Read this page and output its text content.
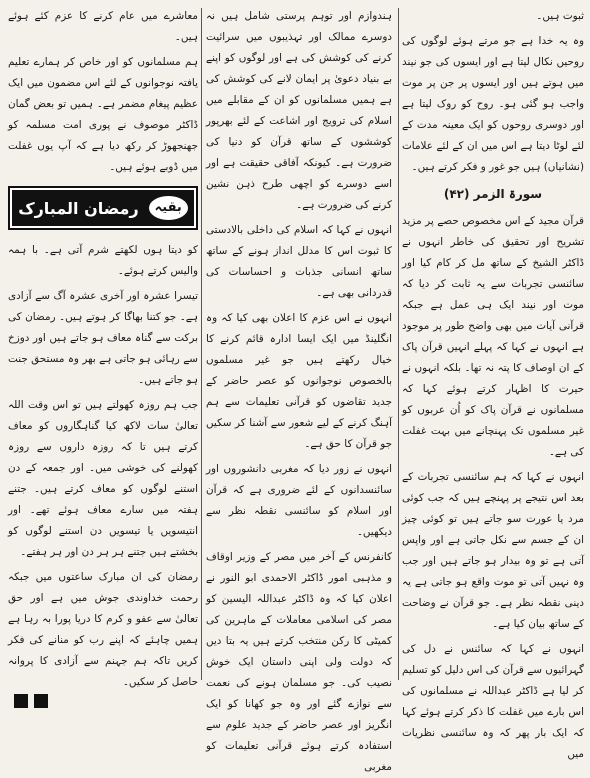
ثبوت ہیں۔

وہ یہ خدا ہے جو مرتے ہوئے لوگوں کی روحیں نکال لیتا ہے اور ایسوں کی جو نیند میں ہوتے ہیں اور ایسوں پر جن پر موت واجب ہو گئی ہو۔ روح کو روک لیتا ہے اور دوسری روحوں کو ایک معینہ مدت کے لئے لوٹا دیتا ہے اس میں ان کے لئے علامات (نشانیاں) ہیں جو غور و فکر کرتے ہیں۔

سورۃ الزمر (۴۲)

قرآن مجید کے اس مخصوص حصے پر مزید تشریح اور تحقیق کی خاطر انہوں نے ڈاکٹر الشیخ کے ساتھ مل کر کام کیا اور سائنسی تجربات سے یہ ثابت کر دیا کہ موت اور نیند ایک ہی عمل ہے جبکہ قرآنی آیات میں بھی واضح طور پر موجود ہے انہوں نے کہا کہ پہلے انہیں قرآن پاک کے ان اوصاف کا پتہ نہ تھا۔ بلکہ انہوں نے حیرت کا اظہار کرتے ہوئے کہا کہ مسلمانوں نے قرآن پاک کو اُن عربوں کو غیر مسلموں تک پہنچانے میں بہت غفلت کی ہے۔

انہوں نے کہا کہ ہم سائنسی تجربات کے بعد اس نتیجے پر پہنچے ہیں کہ جب کوئی مرد یا عورت سو جاتے ہیں تو کوئی چیز ان کے جسم سے نکل جاتی ہے اور واپس آتی ہے تو وہ بیدار ہو جاتے ہیں اور جب وہ نہیں آتی تو موت واقع ہو جاتی ہے یہ دینی نقطہ نظر ہے۔ جو قرآن نے وضاحت کے ساتھ بیان کیا ہے۔

انہوں نے کہا کہ سائنس نے دل کی گہرائیوں سے قرآن کی اس دلیل کو تسلیم کر لیا ہے ڈاکٹر عبداللہ نے مسلمانوں کی اس بارے میں غفلت کا ذکر کرتے ہوئے کہا کہ ایک بار پھر کہ وہ سائنسی نظریات میں

ہندوازم اور توہم پرستی شامل ہیں نہ دوسرے ممالک اور تہذیبوں میں سرائیت کرنے کی کوشش کی ہے اور لوگوں کو اپنے بے بنیاد دعویٰ پر ایمان لانے کی کوشش کی ہے ہمیں مسلمانوں کو ان کے مقابلے میں اسلام کی ترویج اور اشاعت کے لئے بھرپور کوششوں کے ساتھ قرآن کو دنیا کی ضرورت ہے۔ کیونکہ آفاقی حقیقت ہے اور اسے دوسرے کو اچھی طرح ذہن نشین کرنے کی ضرورت ہے۔

انہوں نے کہا کہ اسلام کی داخلی بالادستی کا ثبوت اس کا مدلل انداز ہونے کے ساتھ ساتھ انسانی جذبات و احساسات کی قدردانی بھی ہے۔

انہوں نے اس عزم کا اعلان بھی کیا کہ وہ انگلینڈ میں ایک ایسا ادارہ قائم کرنے کا خیال رکھتے ہیں جو غیر مسلموں بالخصوص نوجوانوں کو عصر حاضر کے جدید تقاضوں کو قرآنی تعلیمات سے ہم آہنگ کرنے کے لیے شعور سے آشنا کر سکیں جو قرآن کا حق ہے۔

انہوں نے زور دیا کہ مغربی دانشوروں اور سائنسدانوں کے لئے ضروری ہے کہ قرآن اور اسلام کو سائنسی نقطہ نظر سے دیکھیں۔

کانفرنس کے آخر میں مصر کے وزیر اوقاف و مذہبی امور ڈاکٹر الاحمدی ابو النور نے اعلان کیا کہ وہ ڈاکٹر عبداللہ الیسین کو مصر کی اسلامی معاملات کے ماہرین کی کمیٹی کا رکن منتخب کرتے ہیں یہ بتا دیں کہ دولت ولی اپنی داستان ایک خوش نصیب کی۔ جو مسلمان ہونے کی نعمت سے نوازے گئے اور وہ جو کھانا کو ایک انگریز اور عصر حاضر کے جدید علوم سے استفادہ کرتے ہوئے قرآنی تعلیمات کو مغربی

معاشرے میں عام کرنے کا عزم کئے ہوئے ہیں۔

ہم مسلمانوں کو اور خاص کر ہمارے تعلیم یافتہ نوجوانوں کے لئے اس مضمون میں ایک عظیم پیغام مضمر ہے۔ ہمیں تو بعض گمان ڈاکٹر موصوف نے پوری امت مسلمہ کو جھنجھوڑ کر رکھ دیا ہے کہ آپ یوں غفلت میں ڈوبے ہوئے ہیں۔

بقیہ
رمضان المبارک

کو دیتا ہوں لکھتے شرم آتی ہے۔ با ہمہ والیس کرتے ہوئے۔

تیسرا عشرہ اور آخری عشرہ آگ سے آزادی ہے۔ جو کتنا بھاگا کر ہوتے ہیں۔ رمضان کی برکت سے گناہ معاف ہو جاتے ہیں اور دوزخ سے رہائی ہو جاتی ہے بھر وہ مستحق جنت ہو جاتے ہیں۔

جب ہم روزہ کھولتے ہیں تو اس وقت اللہ تعالیٰ سات لاکھ کیا گناہگاروں کو معاف کرتے ہیں تا کہ روزہ داروں سے روزہ کھولنے کی خوشی میں۔ اور جمعہ کے دن استنے لوگوں کو معاف کرتے ہیں۔ جتنے ہفتہ میں سارے معاف ہوئے تھے۔ اور انتیسویں یا تیسویں دن استنے لوگوں کو بخشتے ہیں جتنے ہر ہر دن اور ہر ہفتے۔

رمضان کی ان مبارک ساعتوں میں جبکہ رحمت خداوندی جوش میں ہے اور حق تعالیٰ سے عفو و کرم کا دریا پورا بہ رہا ہے ہمیں چاہئے کہ اپنے رب کو منانے کی فکر کریں تاکہ ہم جہنم سے آزادی کا پروانہ حاصل کر سکیں۔
